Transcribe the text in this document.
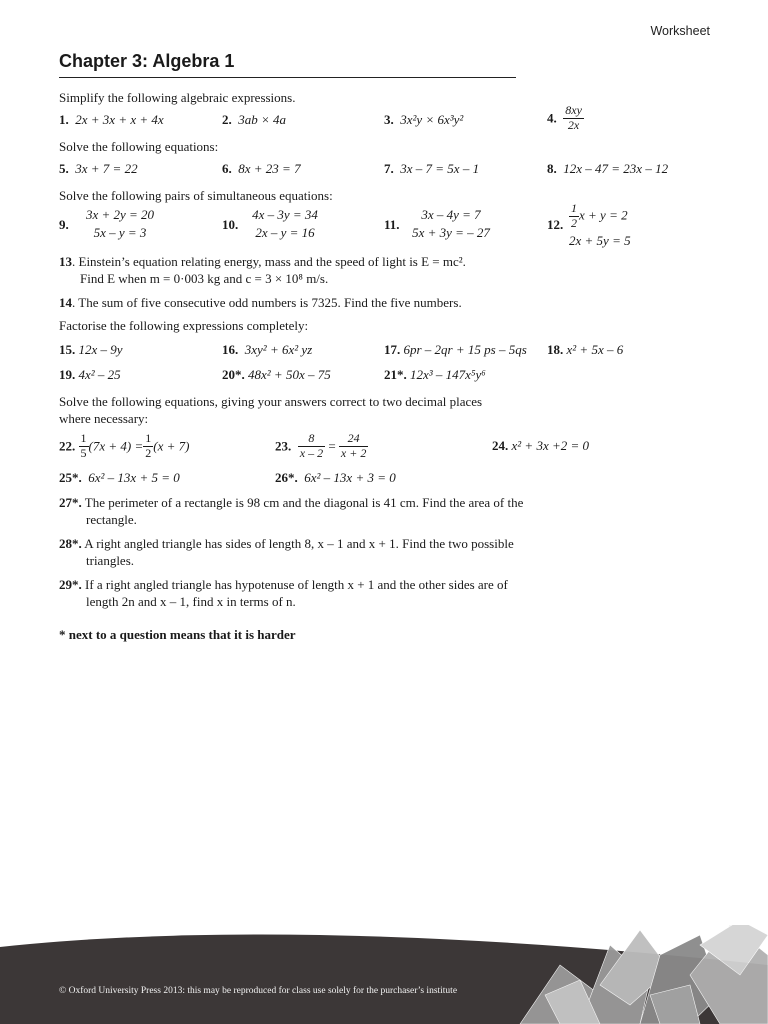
Worksheet
Chapter 3: Algebra 1
Simplify the following algebraic expressions.
1. 2x + 3x + x + 4x	2. 3ab × 4a	3. 3x²y × 6x³y²	4. $\frac{8xy}{2x}$
Solve the following equations:
5. 3x + 7 = 22	6. 8x + 23 = 7	7. 3x – 7 = 5x – 1	8. 12x – 47 = 23x – 12
Solve the following pairs of simultaneous equations:
9.
3x + 2y = 20
5x – y = 3
10.
4x – 3y = 34
2x – y = 16
11.
3x – 4y = 7
5x + 3y = – 27
12. $\frac{1}{2}$ x + y = 2
2x + 5y = 5
13. Einstein’s equation relating energy, mass and the speed of light is E = mc².
Find E when m = 0·003 kg and c = 3 × 10⁸ m/s.
14. The sum of five consecutive odd numbers is 7325. Find the five numbers.
Factorise the following expressions completely:
15. 12x – 9y	16. 3xy² + 6x² yz	17. 6pr – 2qr + 15 ps – 5qs 18. x² + 5x – 6
19. 4x² – 25	20*. 48x² + 50x – 75	21*. 12x³ – 147x⁵y⁶
Solve the following equations, giving your answers correct to two decimal places
where necessary:
22. $\frac{1}{5} (7x + 4) = \frac{1}{2} (x + 7)$	23. $\frac{8}{x - 2} = \frac{24}{x + 2}$	24. x² + 3x +2 = 0
25*. 6x² – 13x + 5 = 0	26*. 6x² – 13x + 3 = 0
27*. The perimeter of a rectangle is 98 cm and the diagonal is 41 cm. Find the area of the rectangle.
28*. A right angled triangle has sides of length 8, x – 1 and x + 1. Find the two possible triangles.
29*. If a right angled triangle has hypotenuse of length x + 1 and the other sides are of length 2n and x – 1, find x in terms of n.
* next to a question means that it is harder
© Oxford University Press 2013: this may be reproduced for class use solely for the purchaser’s institute
